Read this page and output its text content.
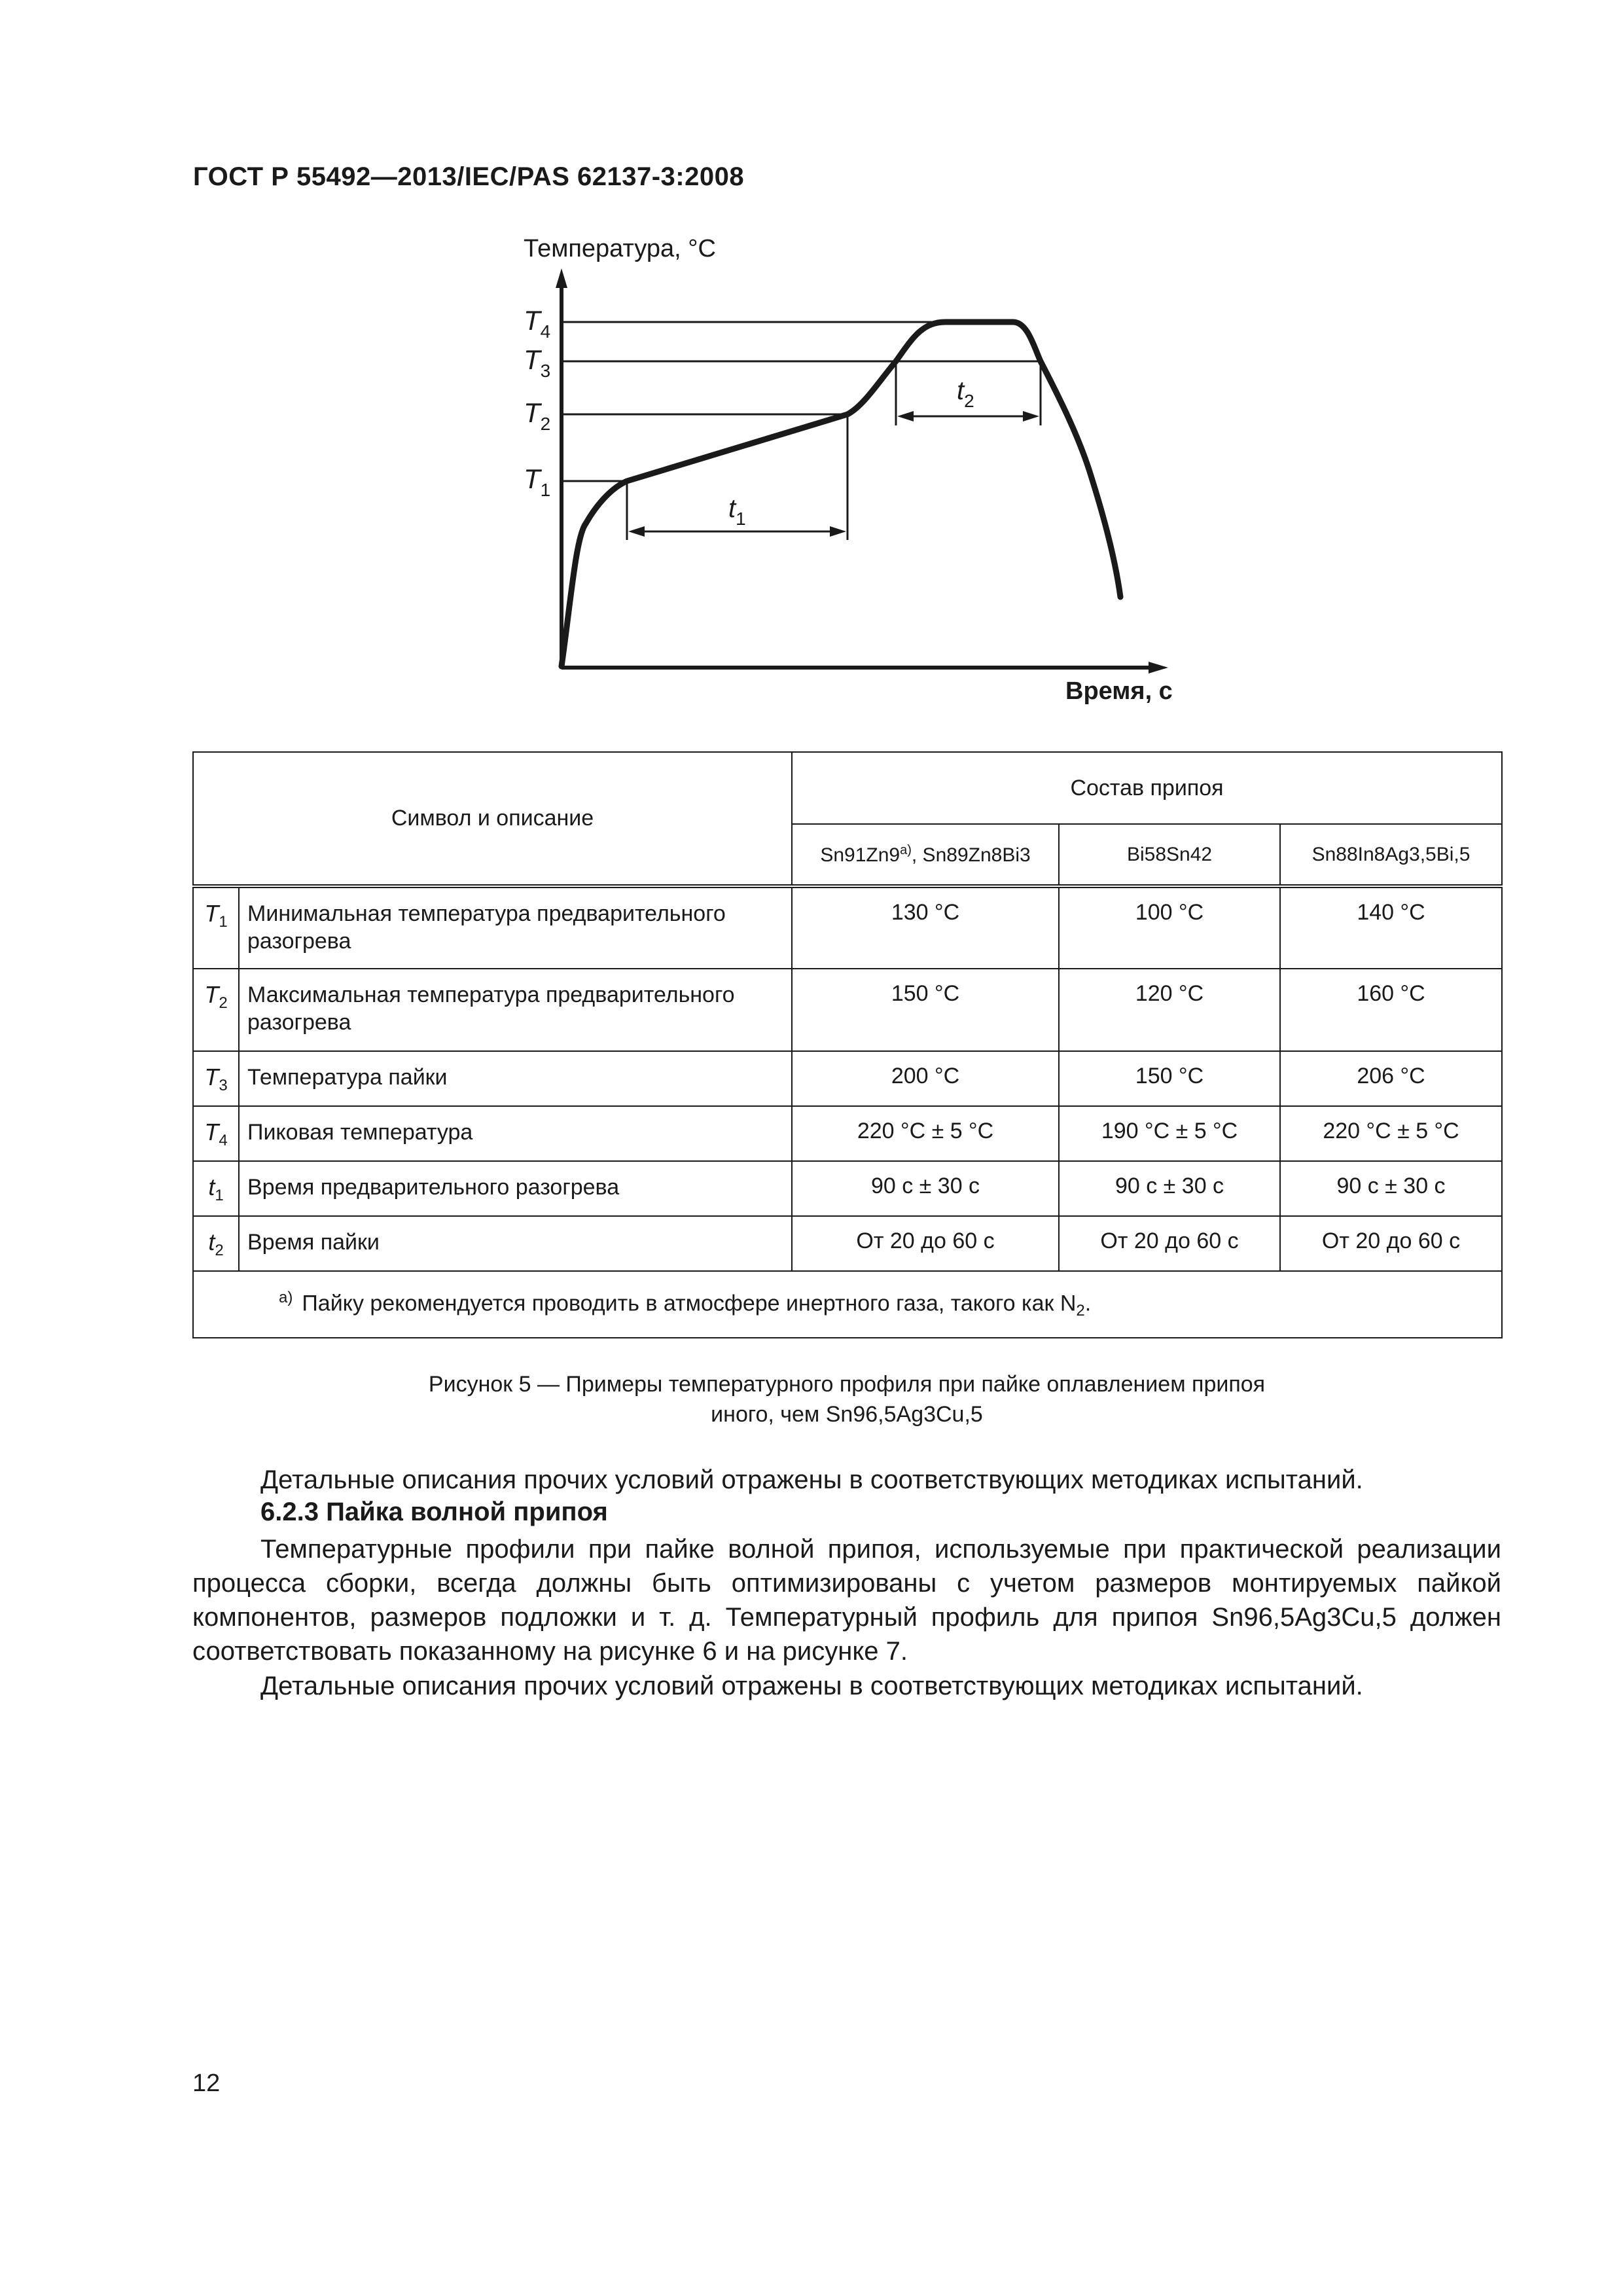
ГОСТ Р 55492—2013/IEC/PAS 62137-3:2008
Температура, °С
Время, с
$T_4$
$T_3$
$T_2$
$T_1$
$t_1$
$t_2$
Символ и описание		Состав припоя		
		$Sn91Zn9^{а)}$, Sn89Zn8Bi3	Bi58Sn42	Sn88In8Ag3,5Bi,5
$T_1$	Минимальная температура предварительного разогрева	130 °С	100 °С	140 °С
$T_2$	Максимальная температура предварительного разогрева	150 °С	120 °С	160 °С
$T_3$	Температура пайки	200 °С	150 °С	206 °С
$T_4$	Пиковая температура	220 °С ± 5 °С	190 °С ± 5 °С	220 °С ± 5 °С
$t_1$	Время предварительного разогрева	90 с ± 30 с	90 с ± 30 с	90 с ± 30 с
$t_2$	Время пайки	От 20 до 60 с	От 20 до 60 с	От 20 до 60 с
$^{а)}$ Пайку рекомендуется проводить в атмосфере инертного газа, такого как $N_2$.				
Рисунок 5 — Примеры температурного профиля при пайке оплавлением припоя
иного, чем Sn96,5Ag3Cu,5
Детальные описания прочих условий отражены в соответствующих методиках испытаний.
6.2.3 Пайка волной припоя
Температурные профили при пайке волной припоя, используемые при практической реализации процесса сборки, всегда должны быть оптимизированы с учетом размеров монтируемых пайкой компонентов, размеров подложки и т. д. Температурный профиль для припоя Sn96,5Ag3Cu,5 должен соответствовать показанному на рисунке 6 и на рисунке 7.
Детальные описания прочих условий отражены в соответствующих методиках испытаний.
12
